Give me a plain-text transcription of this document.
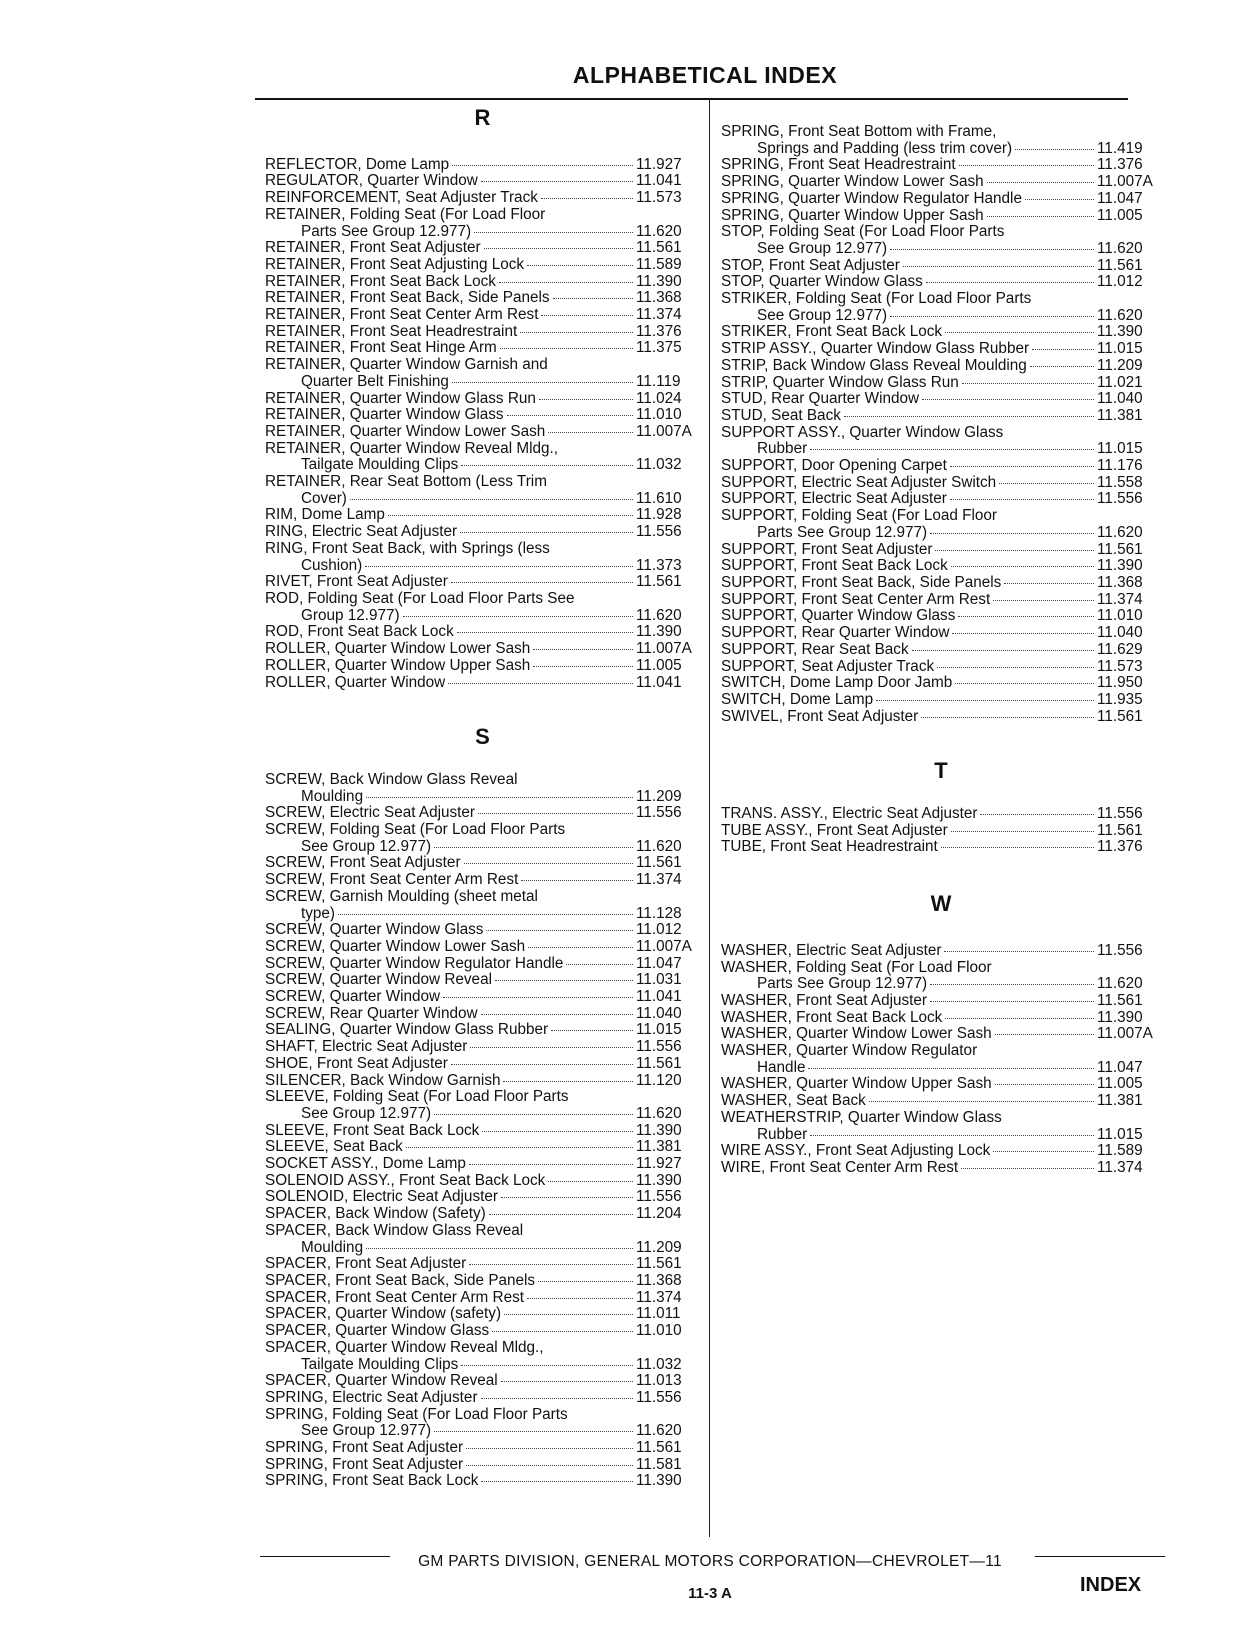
ALPHABETICAL INDEX
R
REFLECTOR, Dome Lamp	11.927
REGULATOR, Quarter Window	11.041
REINFORCEMENT, Seat Adjuster Track	11.573
RETAINER, Folding Seat (For Load Floor
Parts See Group 12.977)	11.620
RETAINER, Front Seat Adjuster	11.561
RETAINER, Front Seat Adjusting Lock	11.589
RETAINER, Front Seat Back Lock	11.390
RETAINER, Front Seat Back, Side Panels	11.368
RETAINER, Front Seat Center Arm Rest	11.374
RETAINER, Front Seat Headrestraint	11.376
RETAINER, Front Seat Hinge Arm	11.375
RETAINER, Quarter Window Garnish and
Quarter Belt Finishing	11.119
RETAINER, Quarter Window Glass Run	11.024
RETAINER, Quarter Window Glass	11.010
RETAINER, Quarter Window Lower Sash	11.007A
RETAINER, Quarter Window Reveal Mldg.,
Tailgate Moulding Clips	11.032
RETAINER, Rear Seat Bottom (Less Trim
Cover)	11.610
RIM, Dome Lamp	11.928
RING, Electric Seat Adjuster	11.556
RING, Front Seat Back, with Springs (less
Cushion)	11.373
RIVET, Front Seat Adjuster	11.561
ROD, Folding Seat (For Load Floor Parts See
Group 12.977)	11.620
ROD, Front Seat Back Lock	11.390
ROLLER, Quarter Window Lower Sash	11.007A
ROLLER, Quarter Window Upper Sash	11.005
ROLLER, Quarter Window	11.041
S
SCREW, Back Window Glass Reveal
Moulding	11.209
SCREW, Electric Seat Adjuster	11.556
SCREW, Folding Seat (For Load Floor Parts
See Group 12.977)	11.620
SCREW, Front Seat Adjuster	11.561
SCREW, Front Seat Center Arm Rest	11.374
SCREW, Garnish Moulding (sheet metal
type)	11.128
SCREW, Quarter Window Glass	11.012
SCREW, Quarter Window Lower Sash	11.007A
SCREW, Quarter Window Regulator Handle	11.047
SCREW, Quarter Window Reveal	11.031
SCREW, Quarter Window	11.041
SCREW, Rear Quarter Window	11.040
SEALING, Quarter Window Glass Rubber	11.015
SHAFT, Electric Seat Adjuster	11.556
SHOE, Front Seat Adjuster	11.561
SILENCER, Back Window Garnish	11.120
SLEEVE, Folding Seat (For Load Floor Parts
See Group 12.977)	11.620
SLEEVE, Front Seat Back Lock	11.390
SLEEVE, Seat Back	11.381
SOCKET ASSY., Dome Lamp	11.927
SOLENOID ASSY., Front Seat Back Lock	11.390
SOLENOID, Electric Seat Adjuster	11.556
SPACER, Back Window (Safety)	11.204
SPACER, Back Window Glass Reveal
Moulding	11.209
SPACER, Front Seat Adjuster	11.561
SPACER, Front Seat Back, Side Panels	11.368
SPACER, Front Seat Center Arm Rest	11.374
SPACER, Quarter Window (safety)	11.011
SPACER, Quarter Window Glass	11.010
SPACER, Quarter Window Reveal Mldg.,
Tailgate Moulding Clips	11.032
SPACER, Quarter Window Reveal	11.013
SPRING, Electric Seat Adjuster	11.556
SPRING, Folding Seat (For Load Floor Parts
See Group 12.977)	11.620
SPRING, Front Seat Adjuster	11.561
SPRING, Front Seat Adjuster	11.581
SPRING, Front Seat Back Lock	11.390
SPRING, Front Seat Bottom with Frame,
Springs and Padding (less trim cover)	11.419
SPRING, Front Seat Headrestraint	11.376
SPRING, Quarter Window Lower Sash	11.007A
SPRING, Quarter Window Regulator Handle	11.047
SPRING, Quarter Window Upper Sash	11.005
STOP, Folding Seat (For Load Floor Parts
See Group 12.977)	11.620
STOP, Front Seat Adjuster	11.561
STOP, Quarter Window Glass	11.012
STRIKER, Folding Seat (For Load Floor Parts
See Group 12.977)	11.620
STRIKER, Front Seat Back Lock	11.390
STRIP ASSY., Quarter Window Glass Rubber	11.015
STRIP, Back Window Glass Reveal Moulding	11.209
STRIP, Quarter Window Glass Run	11.021
STUD, Rear Quarter Window	11.040
STUD, Seat Back	11.381
SUPPORT ASSY., Quarter Window Glass
Rubber	11.015
SUPPORT, Door Opening Carpet	11.176
SUPPORT, Electric Seat Adjuster Switch	11.558
SUPPORT, Electric Seat Adjuster	11.556
SUPPORT, Folding Seat (For Load Floor
Parts See Group 12.977)	11.620
SUPPORT, Front Seat Adjuster	11.561
SUPPORT, Front Seat Back Lock	11.390
SUPPORT, Front Seat Back, Side Panels	11.368
SUPPORT, Front Seat Center Arm Rest	11.374
SUPPORT, Quarter Window Glass	11.010
SUPPORT, Rear Quarter Window	11.040
SUPPORT, Rear Seat Back	11.629
SUPPORT, Seat Adjuster Track	11.573
SWITCH, Dome Lamp Door Jamb	11.950
SWITCH, Dome Lamp	11.935
SWIVEL, Front Seat Adjuster	11.561
T
TRANS. ASSY., Electric Seat Adjuster	11.556
TUBE ASSY., Front Seat Adjuster	11.561
TUBE, Front Seat Headrestraint	11.376
W
WASHER, Electric Seat Adjuster	11.556
WASHER, Folding Seat (For Load Floor
Parts See Group 12.977)	11.620
WASHER, Front Seat Adjuster	11.561
WASHER, Front Seat Back Lock	11.390
WASHER, Quarter Window Lower Sash	11.007A
WASHER, Quarter Window Regulator
Handle	11.047
WASHER, Quarter Window Upper Sash	11.005
WASHER, Seat Back	11.381
WEATHERSTRIP, Quarter Window Glass
Rubber	11.015
WIRE ASSY., Front Seat Adjusting Lock	11.589
WIRE, Front Seat Center Arm Rest	11.374
GM PARTS DIVISION, GENERAL MOTORS CORPORATION—CHEVROLET—11
11-3 A	INDEX
